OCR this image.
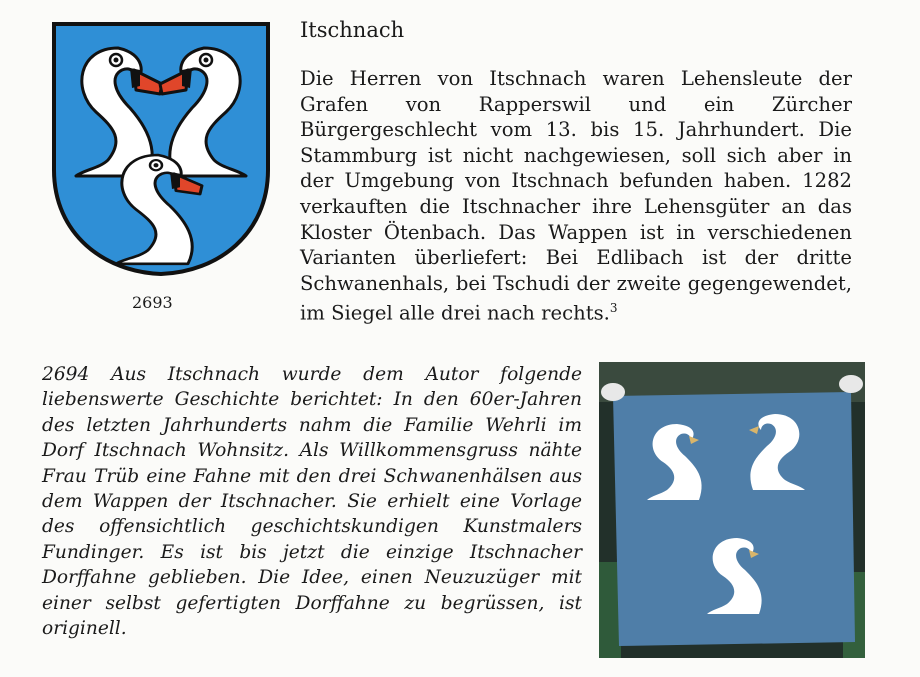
2693
Itschnach
Die Herren von Itschnach waren Lehensleute der Grafen von Rapperswil und ein Zürcher Bürgergeschlecht vom 13. bis 15. Jahrhundert. Die Stammburg ist nicht nachgewiesen, soll sich aber in der Umgebung von Itschnach befunden haben. 1282 verkauften die Itschnacher ihre Lehensgüter an das Kloster Ötenbach. Das Wappen ist in verschiedenen Varianten überliefert: Bei Edlibach ist der dritte Schwanenhals, bei Tschudi der zweite gegengewendet, im Siegel alle drei nach rechts.$^3$
2694 Aus Itschnach wurde dem Autor folgende liebenswerte Geschichte berichtet: In den 60er-Jahren des letzten Jahrhunderts nahm die Familie Wehrli im Dorf Itschnach Wohnsitz. Als Willkommensgruss nähte Frau Trüb eine Fahne mit den drei Schwanenhälsen aus dem Wappen der Itschnacher. Sie erhielt eine Vorlage des offensichtlich geschichtskundigen Kunstmalers Fundinger. Es ist bis jetzt die einzige Itschnacher Dorffahne geblieben. Die Idee, einen Neuzuzüger mit einer selbst gefertigten Dorffahne zu begrüssen, ist originell.
